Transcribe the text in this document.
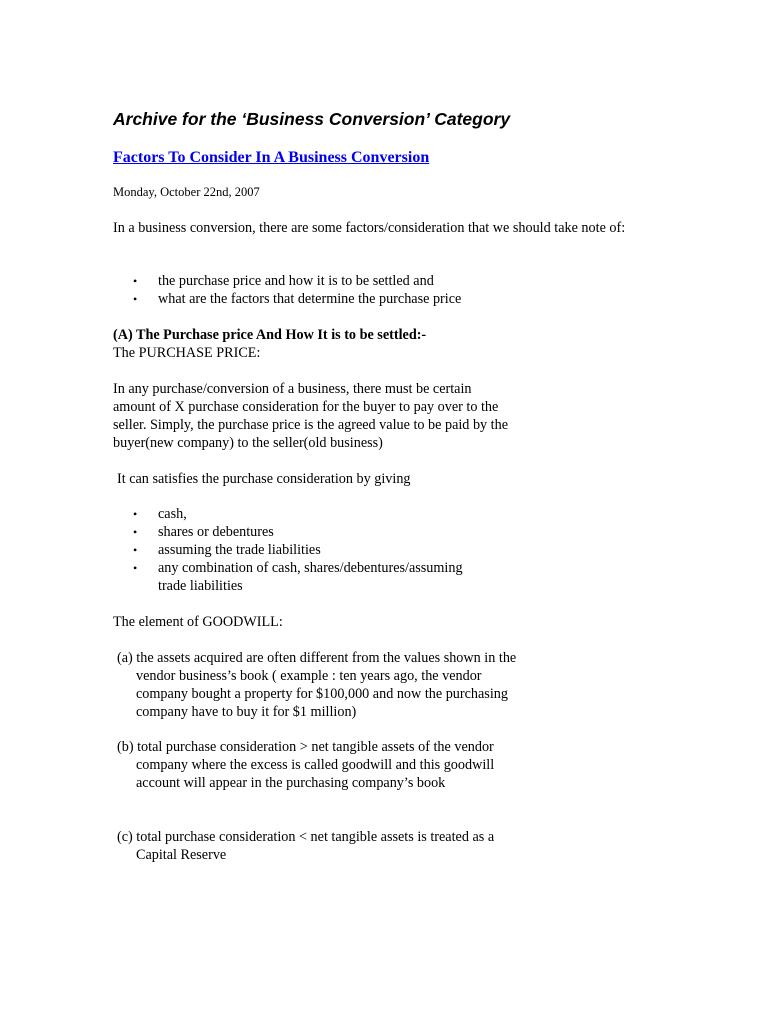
Archive for the ‘Business Conversion’ Category
Factors To Consider In A Business Conversion
Monday, October 22nd, 2007

In a business conversion, there are some factors/consideration that we should take note of:

• the purchase price and how it is to be settled and
• what are the factors that determine the purchase price
(A) The Purchase price And How It is to be settled:-
The PURCHASE PRICE:

In any purchase/conversion of a business, there must be certain amount of X purchase consideration for the buyer to pay over to the seller. Simply, the purchase price is the agreed value to be paid by the buyer(new company) to the seller(old business)

It can satisfies the purchase consideration by giving

• cash,
• shares or debentures
• assuming the trade liabilities
• any combination of cash, shares/debentures/assuming trade liabilities

The element of GOODWILL:

(a) the assets acquired are often different from the values shown in the vendor business’s book ( example : ten years ago, the vendor company bought a property for $100,000 and now the purchasing company have to buy it for $1 million)

(b) total purchase consideration > net tangible assets of the vendor company where the excess is called goodwill and this goodwill account will appear in the purchasing company’s book

(c) total purchase consideration < net tangible assets is treated as a Capital Reserve
